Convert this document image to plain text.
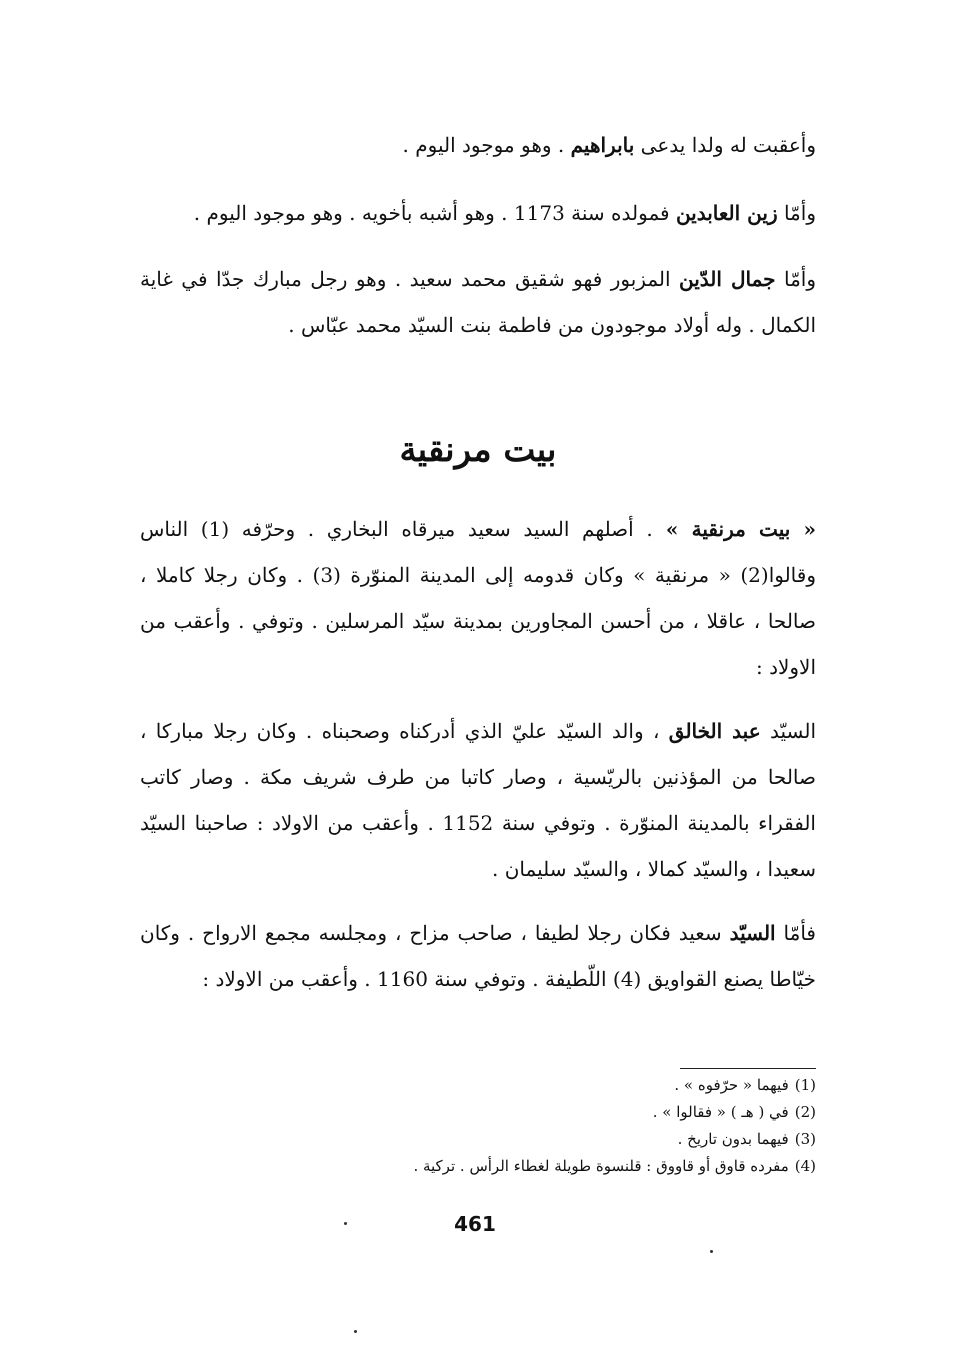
وأعقبت له ولدا يدعى بابراهيم . وهو موجود اليوم .

وأمّا زين العابدين فمولده سنة 1173 . وهو أشبه بأخويه . وهو موجود اليوم .

وأمّا جمال الدّين المزبور فهو شقيق محمد سعيد . وهو رجل مبارك جدّا في غاية الكمال . وله أولاد موجودون من فاطمة بنت السيّد محمد عبّاس .

بيت مرنقية

« بيت مرنقية » . أصلهم السيد سعيد ميرقاه البخاري . وحرّفه (1) الناس وقالوا(2) « مرنقية » وكان قدومه إلى المدينة المنوّرة (3) . وكان رجلا كاملا ، صالحا ، عاقلا ، من أحسن المجاورين بمدينة سيّد المرسلين . وتوفي . وأعقب من الاولاد :

السيّد عبد الخالق ، والد السيّد عليّ الذي أدركناه وصحبناه . وكان رجلا مباركا ، صالحا من المؤذنين بالريّسية ، وصار كاتبا من طرف شريف مكة . وصار كاتب الفقراء بالمدينة المنوّرة . وتوفي سنة 1152 . وأعقب من الاولاد : صاحبنا السيّد سعيدا ، والسيّد كمالا ، والسيّد سليمان .

فأمّا السيّد سعيد فكان رجلا لطيفا ، صاحب مزاح ، ومجلسه مجمع الارواح . وكان خيّاطا يصنع القواويق (4) اللّطيفة . وتوفي سنة 1160 . وأعقب من الاولاد :

(1)فيهما « حرّفوه » .

(2)في ( هـ ) « فقالوا » .

(3)فيهما بدون تاريخ .

(4)مفرده قاوق أو قاووق : قلنسوة طويلة لغطاء الرأس . تركية .

461
